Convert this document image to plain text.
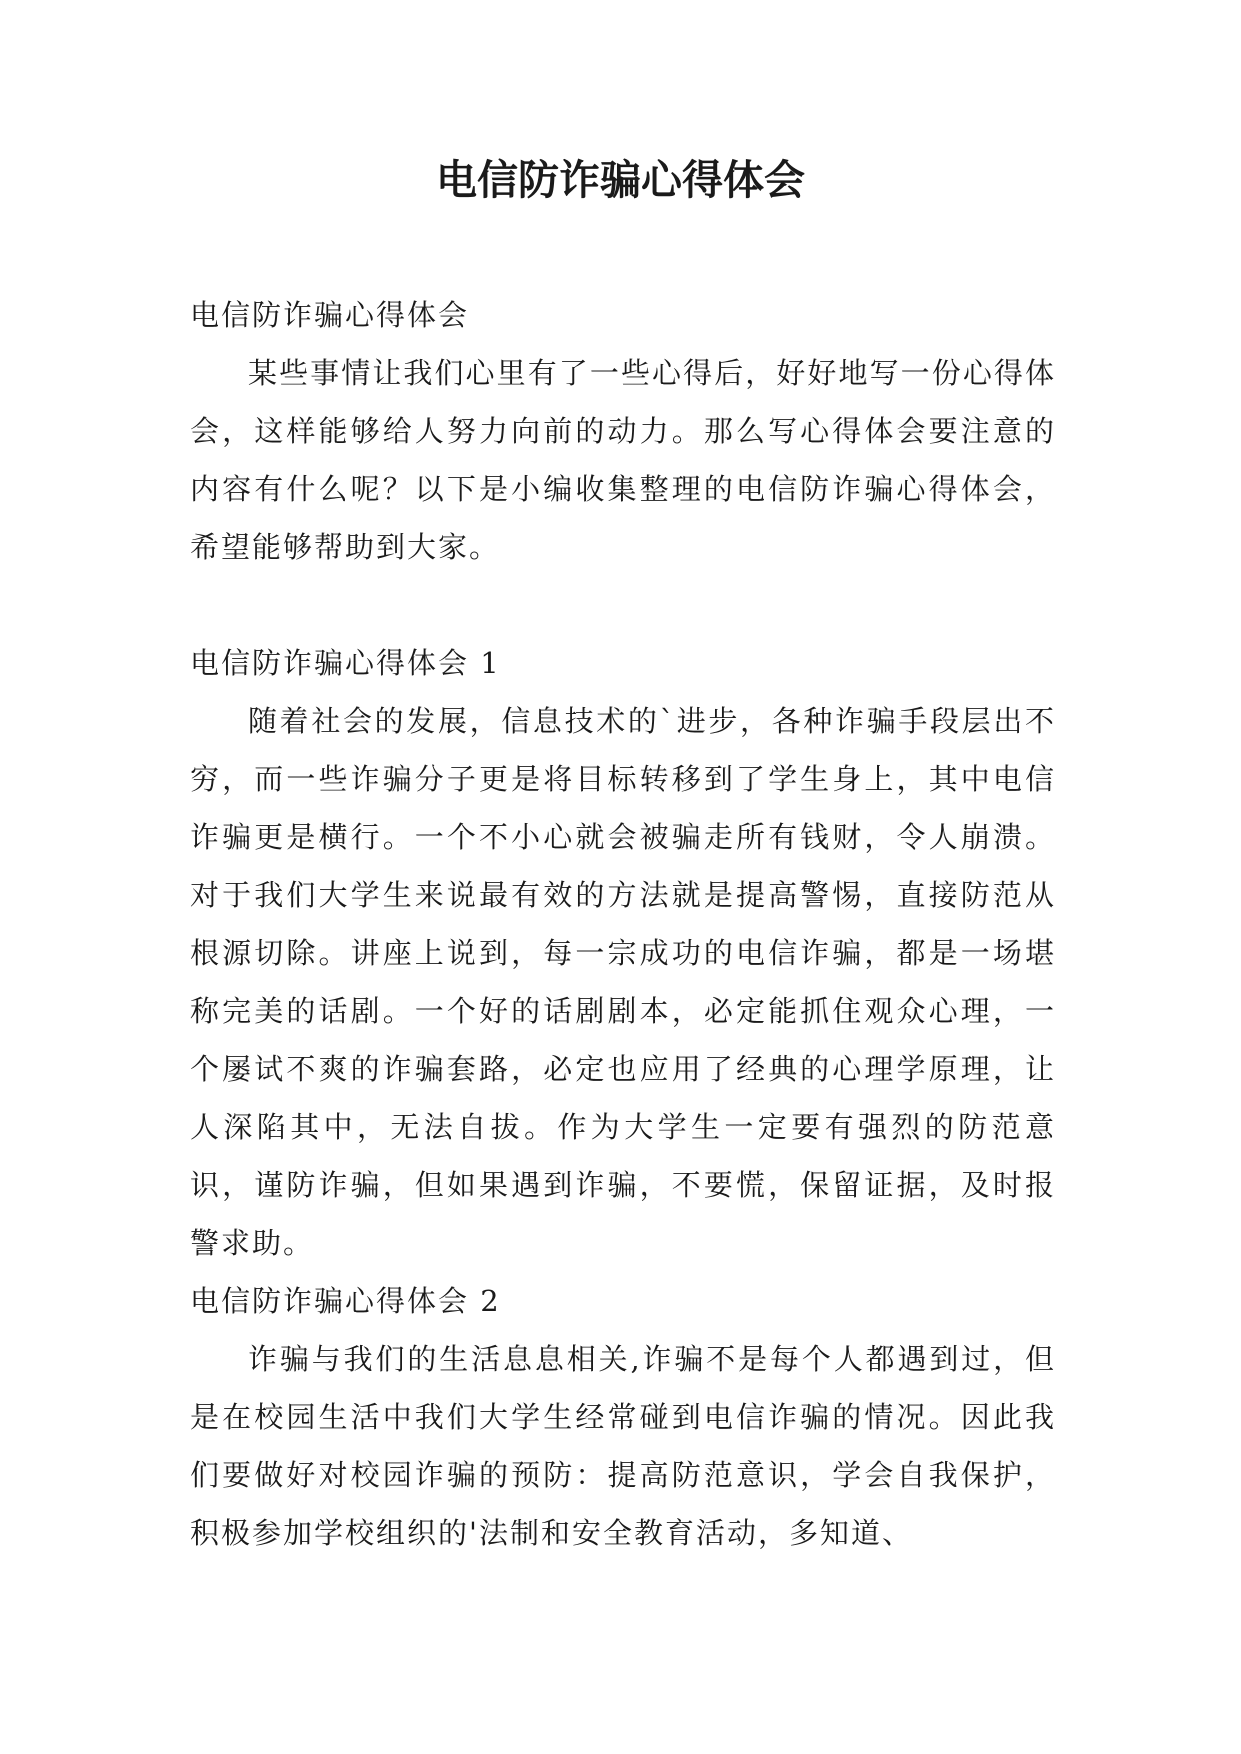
电信防诈骗心得体会

电信防诈骗心得体会

某些事情让我们心里有了一些心得后，好好地写一份心得体会，这样能够给人努力向前的动力。那么写心得体会要注意的内容有什么呢？以下是小编收集整理的电信防诈骗心得体会，希望能够帮助到大家。

电信防诈骗心得体会 1

随着社会的发展，信息技术的`进步，各种诈骗手段层出不穷，而一些诈骗分子更是将目标转移到了学生身上，其中电信诈骗更是横行。一个不小心就会被骗走所有钱财，令人崩溃。对于我们大学生来说最有效的方法就是提高警惕，直接防范从根源切除。讲座上说到，每一宗成功的电信诈骗，都是一场堪称完美的话剧。一个好的话剧剧本，必定能抓住观众心理，一个屡试不爽的诈骗套路，必定也应用了经典的心理学原理，让人深陷其中，无法自拔。作为大学生一定要有强烈的防范意识，谨防诈骗，但如果遇到诈骗，不要慌，保留证据，及时报警求助。

电信防诈骗心得体会 2

诈骗与我们的生活息息相关,诈骗不是每个人都遇到过，但是在校园生活中我们大学生经常碰到电信诈骗的情况。因此我们要做好对校园诈骗的预防：提高防范意识，学会自我保护，积极参加学校组织的'法制和安全教育活动，多知道、
